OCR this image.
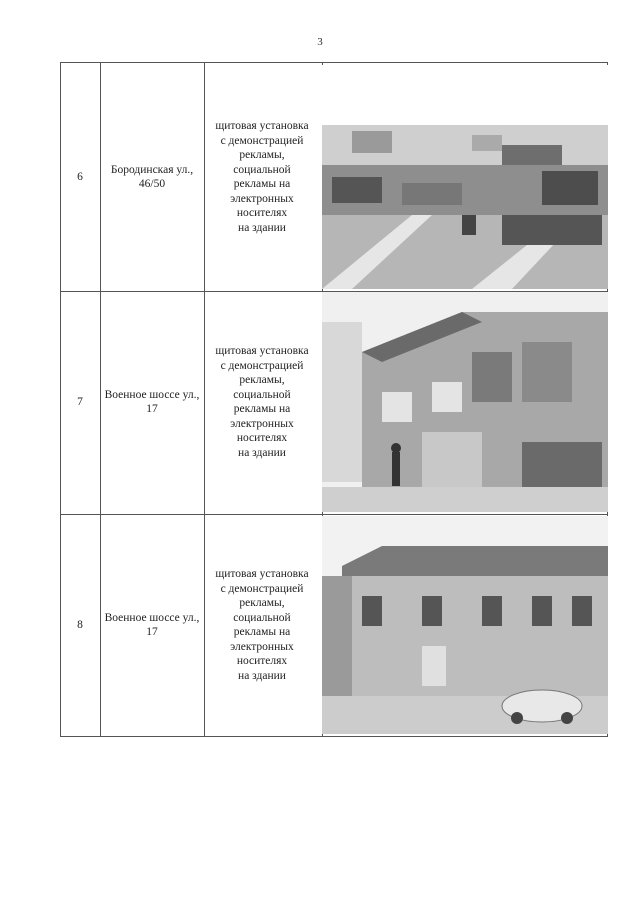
3
6
Бородинская ул., 46/50
щитовая установка
с демонстрацией
рекламы,
социальной
рекламы на
электронных
носителях
на здании
7
Военное шоссе ул., 17
щитовая установка
с демонстрацией
рекламы,
социальной
рекламы на
электронных
носителях
на здании
8
Военное шоссе ул., 17
щитовая установка
с демонстрацией
рекламы,
социальной
рекламы на
электронных
носителях
на здании
